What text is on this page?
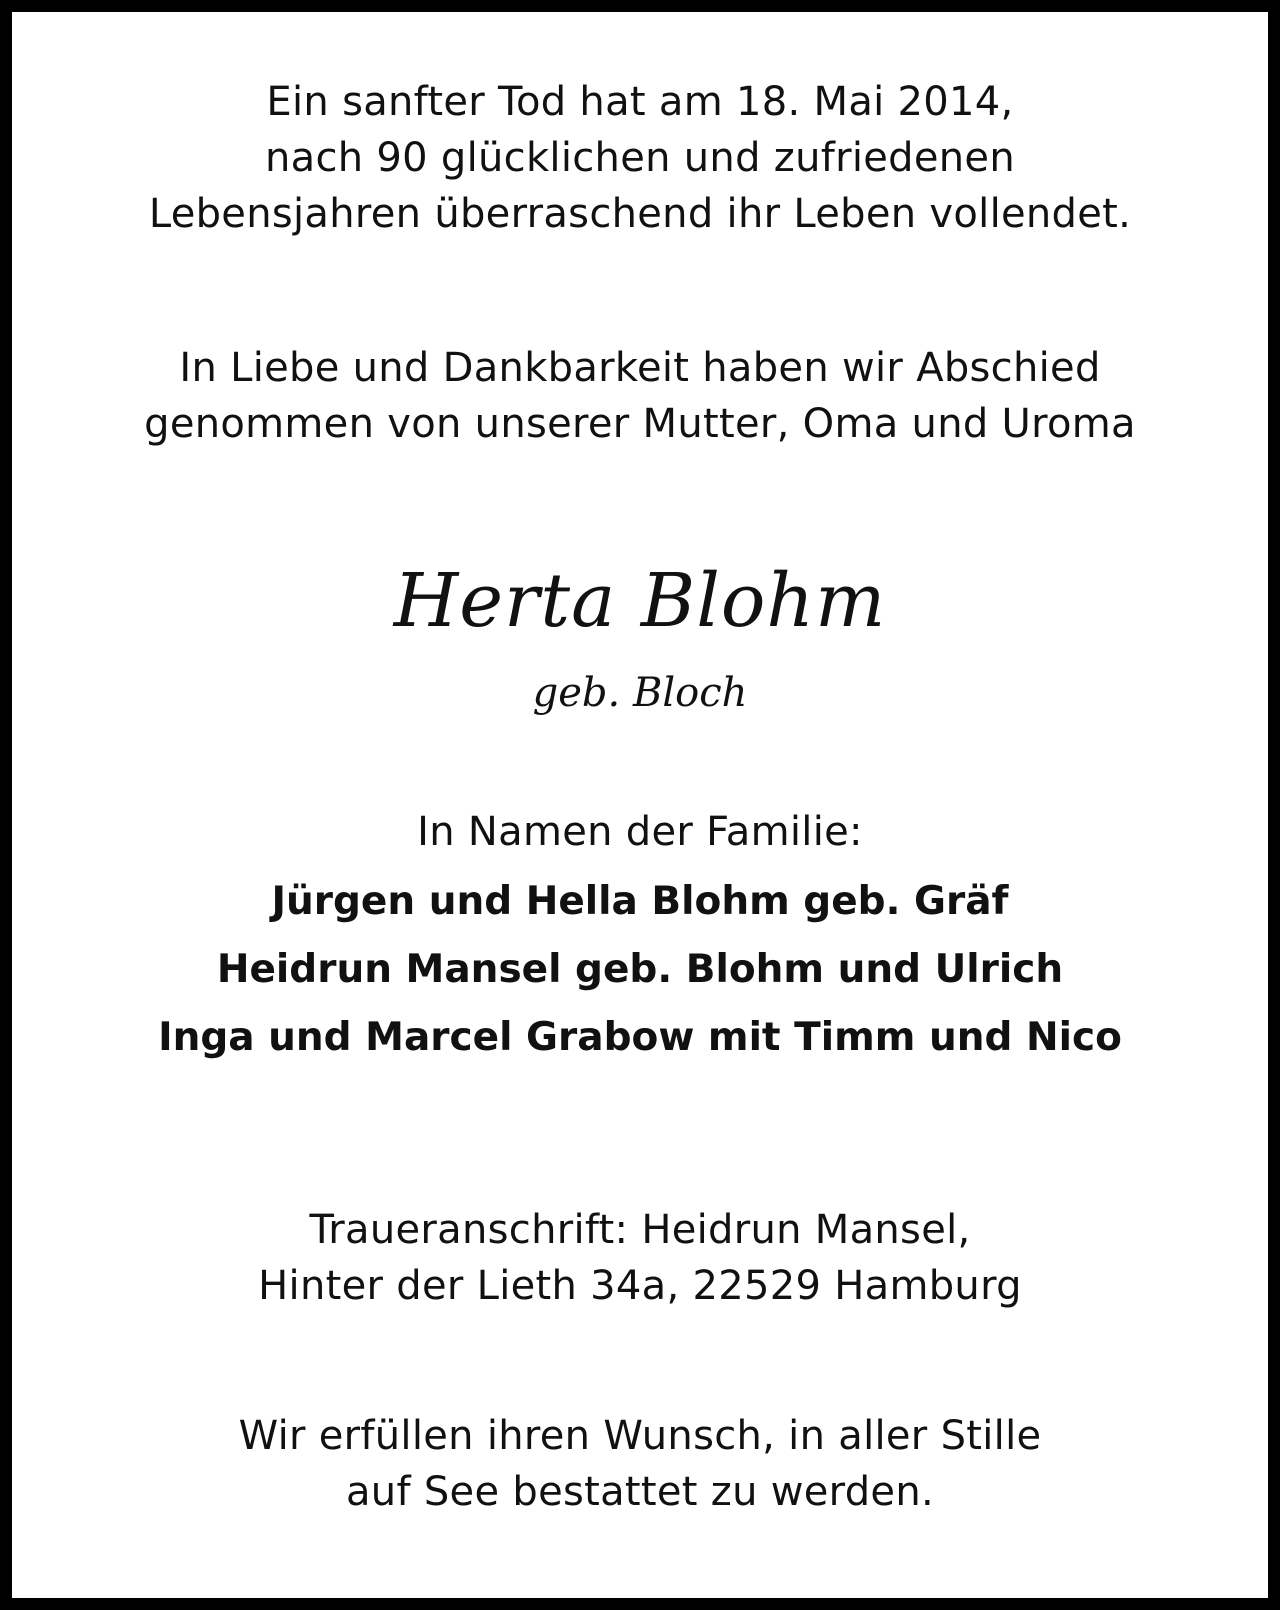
Ein sanfter Tod hat am 18. Mai 2014,
nach 90 glücklichen und zufriedenen
Lebensjahren überraschend ihr Leben vollendet.
In Liebe und Dankbarkeit haben wir Abschied
genommen von unserer Mutter, Oma und Uroma
Herta Blohm
geb. Bloch
In Namen der Familie:
Jürgen und Hella Blohm geb. Gräf
Heidrun Mansel geb. Blohm und Ulrich
Inga und Marcel Grabow mit Timm und Nico
Traueranschrift: Heidrun Mansel,
Hinter der Lieth 34a, 22529 Hamburg
Wir erfüllen ihren Wunsch, in aller Stille
auf See bestattet zu werden.
